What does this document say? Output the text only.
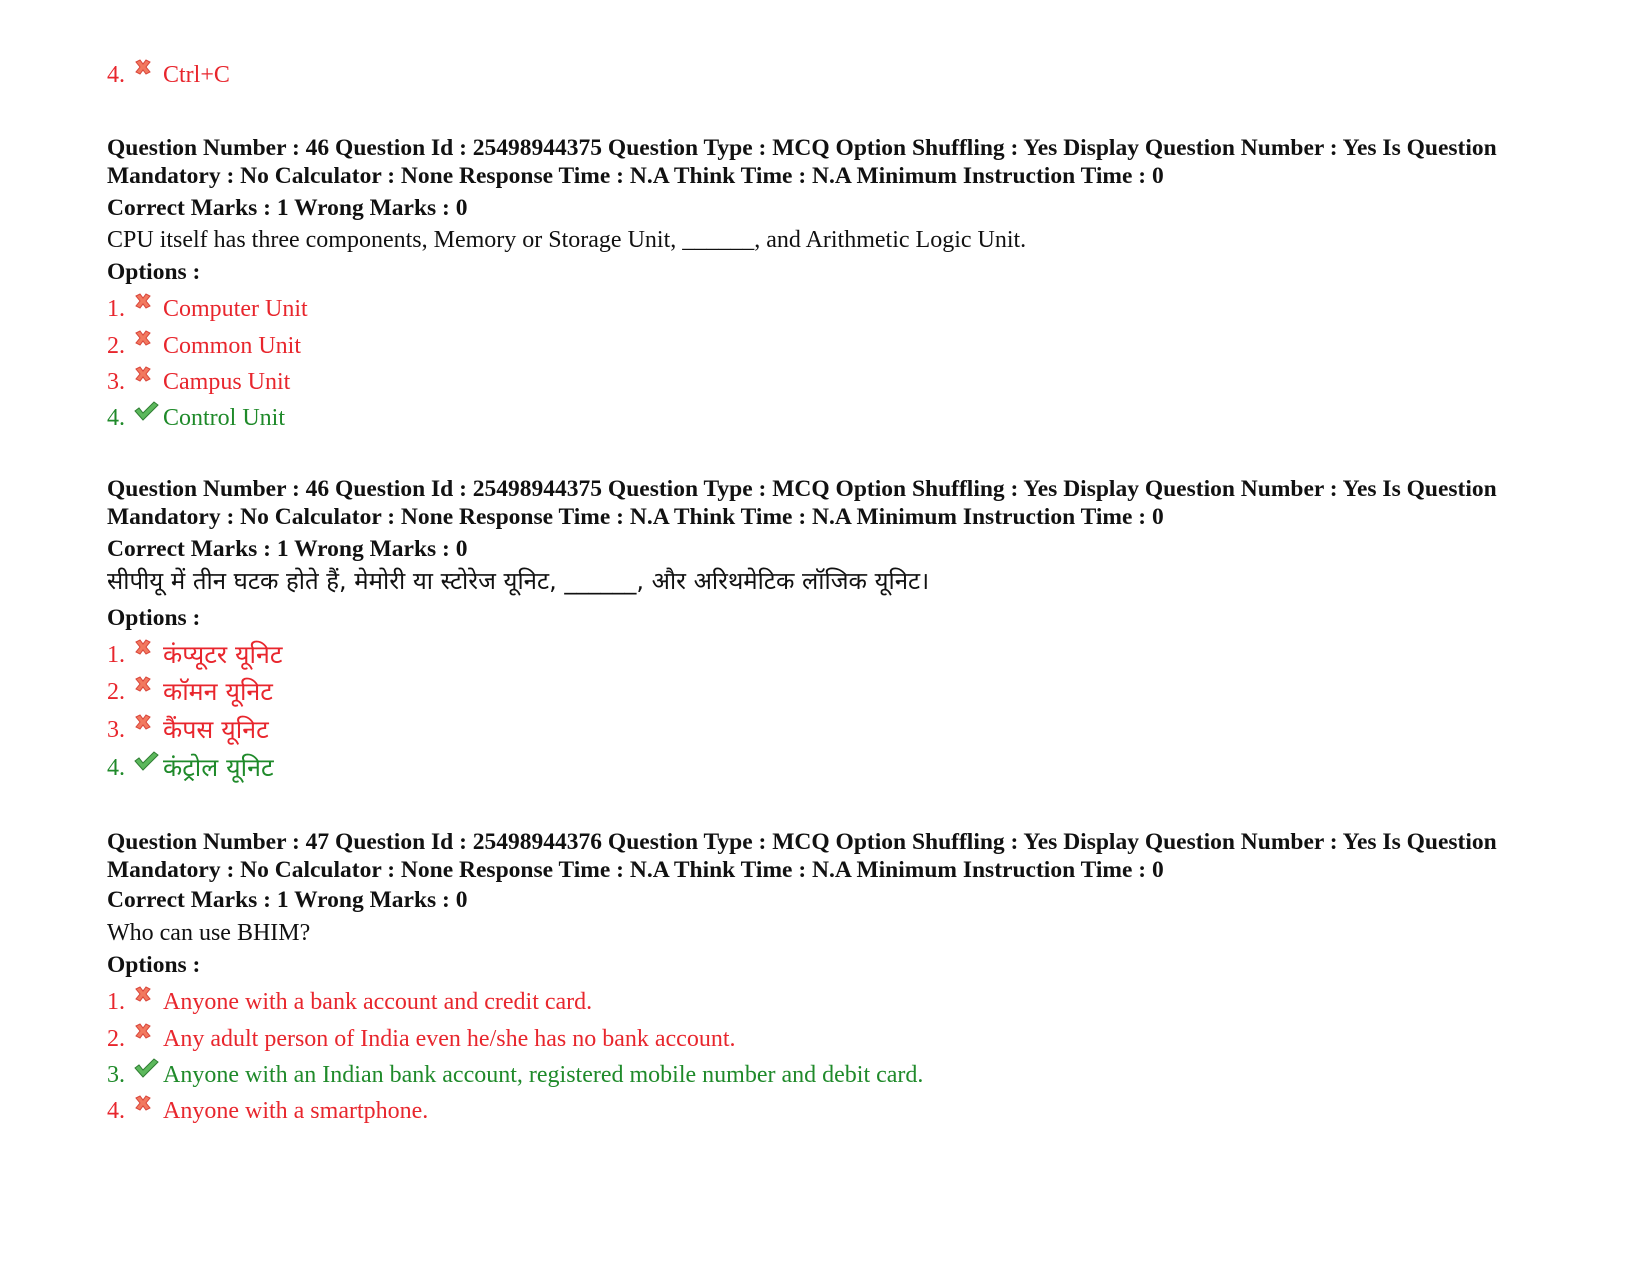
4.	Ctrl+C
Question Number : 46 Question Id : 25498944375 Question Type : MCQ Option Shuffling : Yes Display Question Number : Yes Is Question Mandatory : No Calculator : None Response Time : N.A Think Time : N.A Minimum Instruction Time : 0
Correct Marks : 1 Wrong Marks : 0
CPU itself has three components, Memory or Storage Unit, ______, and Arithmetic Logic Unit.
Options :
1.	Computer Unit
2.	Common Unit
3.	Campus Unit
4.	Control Unit
Question Number : 46 Question Id : 25498944375 Question Type : MCQ Option Shuffling : Yes Display Question Number : Yes Is Question Mandatory : No Calculator : None Response Time : N.A Think Time : N.A Minimum Instruction Time : 0
Correct Marks : 1 Wrong Marks : 0
सीपीयू में तीन घटक होते हैं, मेमोरी या स्टोरेज यूनिट, ______, और अरिथमेटिक लॉजिक यूनिट।
Options :
1.	कंप्यूटर यूनिट
2.	कॉमन यूनिट
3.	कैंपस यूनिट
4.	कंट्रोल यूनिट
Question Number : 47 Question Id : 25498944376 Question Type : MCQ Option Shuffling : Yes Display Question Number : Yes Is Question Mandatory : No Calculator : None Response Time : N.A Think Time : N.A Minimum Instruction Time : 0
Correct Marks : 1 Wrong Marks : 0
Who can use BHIM?
Options :
1.	Anyone with a bank account and credit card.
2.	Any adult person of India even he/she has no bank account.
3.	Anyone with an Indian bank account, registered mobile number and debit card.
4.	Anyone with a smartphone.
